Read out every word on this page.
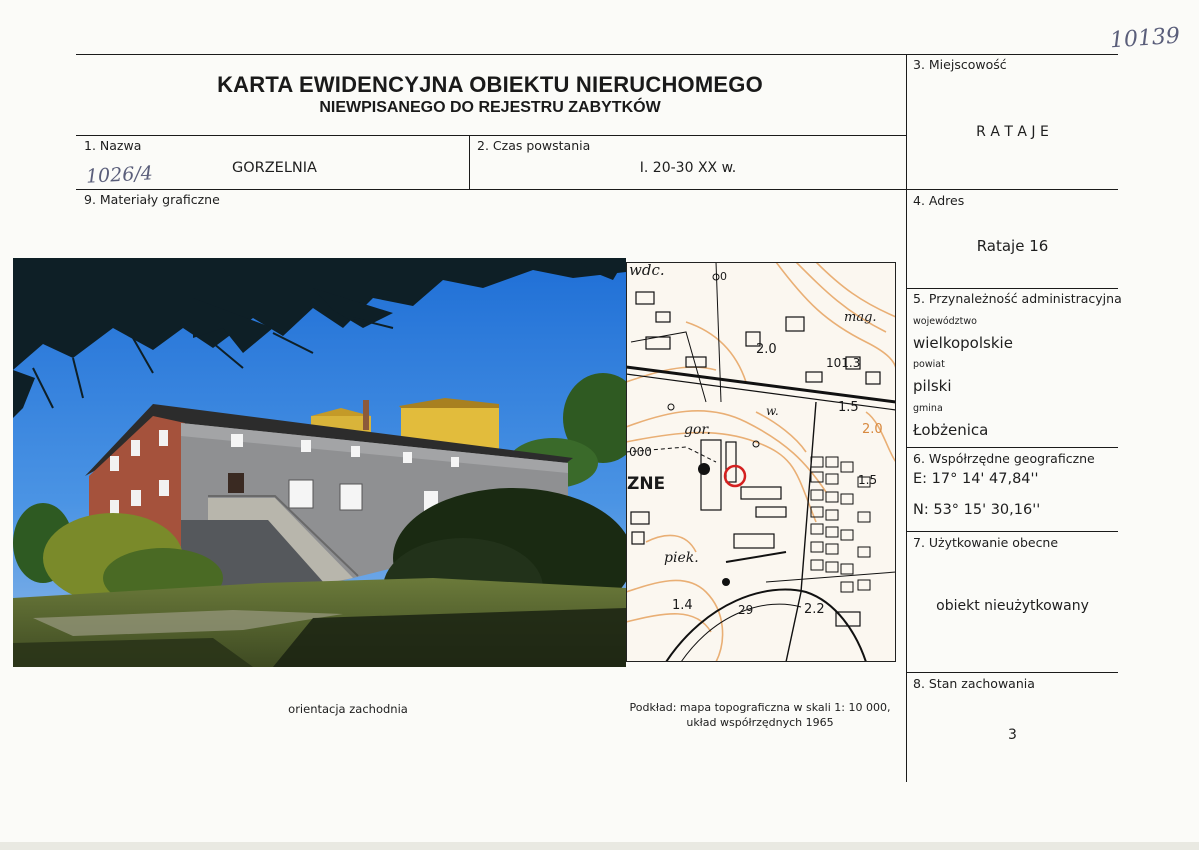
10139
KARTA EWIDENCYJNA OBIEKTU NIERUCHOMEGO
NIEWPISANEGO DO REJESTRU ZABYTKÓW
1. Nazwa
1026/4	GORZELNIA
2. Czas powstania
I. 20-30 XX w.
3. Miejscowość
R A T A J E
4. Adres
Rataje 16
5. Przynależność administracyjna
województwo
wielkopolskie
powiat
pilski
gmina
Łobżenica
6. Współrzędne geograficzne
E: 17° 14' 47,84''
N: 53° 15' 30,16''
7. Użytkowanie obecne
obiekt nieużytkowany
8. Stan zachowania
3
9. Materiały graficzne
wdc.
mag.
2.0
101.3
1.5
2.0
gor.
000
ZNE
w.
1.5
piek.
1.4	29	2.2
0
orientacja zachodnia	Podkład: mapa topograficzna w skali 1: 10 000,
układ współrzędnych 1965
